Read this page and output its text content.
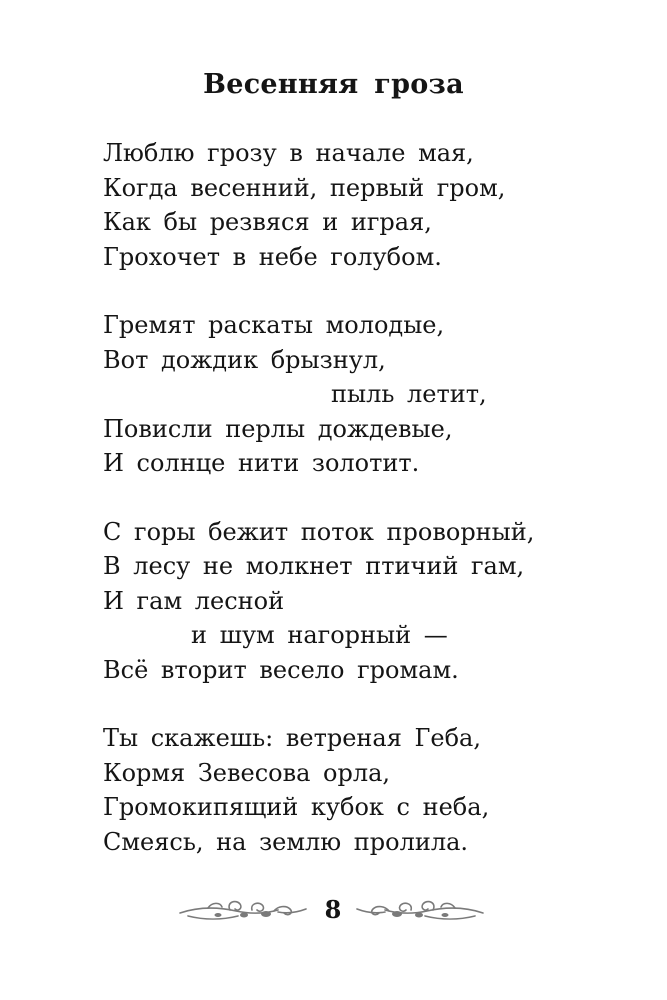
Весенняя гроза
Люблю грозу в начале мая,
Когда весенний, первый гром,
Как бы резвяся и играя,
Грохочет в небе голубом.
Гремят раскаты молодые,
Вот дождик брызнул,
пыль летит,
Повисли перлы дождевые,
И солнце нити золотит.
С горы бежит поток проворный,
В лесу не молкнет птичий гам,
И гам лесной
и шум нагорный —
Всё вторит весело громам.
Ты скажешь: ветреная Геба,
Кормя Зевесова орла,
Громокипящий кубок с неба,
Смеясь, на землю пролила.
8
